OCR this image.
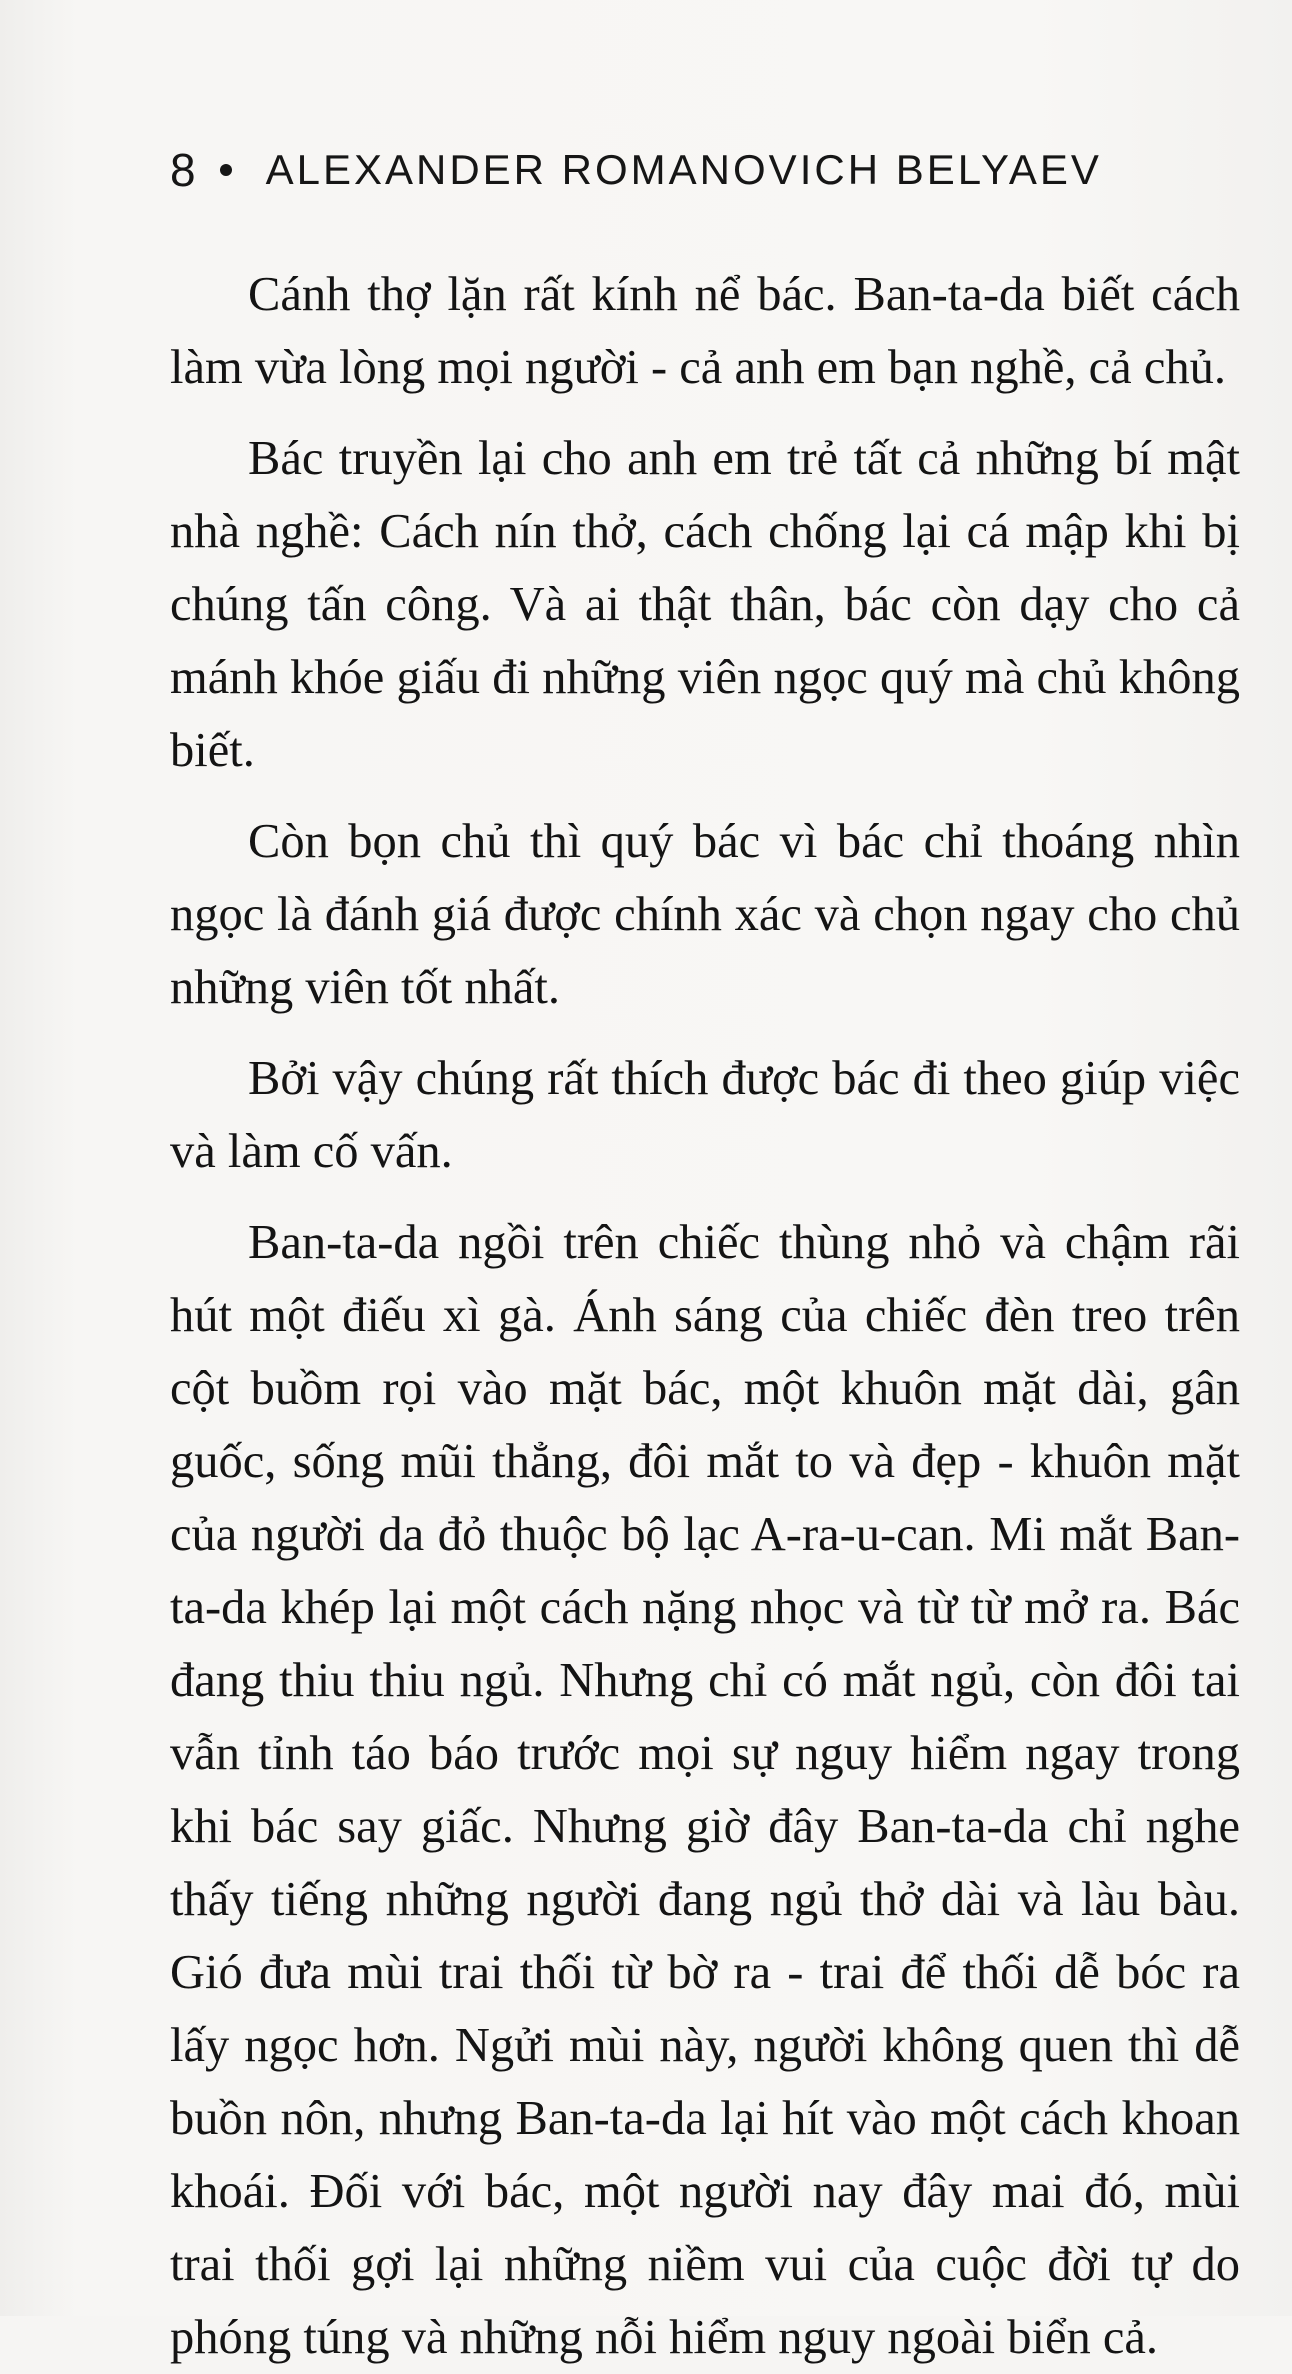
8 ALEXANDER ROMANOVICH BELYAEV

Cánh thợ lặn rất kính nể bác. Ban-ta-da biết cách làm vừa lòng mọi người - cả anh em bạn nghề, cả chủ.

Bác truyền lại cho anh em trẻ tất cả những bí mật nhà nghề: Cách nín thở, cách chống lại cá mập khi bị chúng tấn công. Và ai thật thân, bác còn dạy cho cả mánh khóe giấu đi những viên ngọc quý mà chủ không biết.

Còn bọn chủ thì quý bác vì bác chỉ thoáng nhìn ngọc là đánh giá được chính xác và chọn ngay cho chủ những viên tốt nhất.

Bởi vậy chúng rất thích được bác đi theo giúp việc và làm cố vấn.

Ban-ta-da ngồi trên chiếc thùng nhỏ và chậm rãi hút một điếu xì gà. Ánh sáng của chiếc đèn treo trên cột buồm rọi vào mặt bác, một khuôn mặt dài, gân guốc, sống mũi thẳng, đôi mắt to và đẹp - khuôn mặt của người da đỏ thuộc bộ lạc A-ra-u-can. Mi mắt Ban-ta-da khép lại một cách nặng nhọc và từ từ mở ra. Bác đang thiu thiu ngủ. Nhưng chỉ có mắt ngủ, còn đôi tai vẫn tỉnh táo báo trước mọi sự nguy hiểm ngay trong khi bác say giấc. Nhưng giờ đây Ban-ta-da chỉ nghe thấy tiếng những người đang ngủ thở dài và làu bàu. Gió đưa mùi trai thối từ bờ ra - trai để thối dễ bóc ra lấy ngọc hơn. Ngửi mùi này, người không quen thì dễ buồn nôn, nhưng Ban-ta-da lại hít vào một cách khoan khoái. Đối với bác, một người nay đây mai đó, mùi trai thối gợi lại những niềm vui của cuộc đời tự do phóng túng và những nỗi hiểm nguy ngoài biển cả.
